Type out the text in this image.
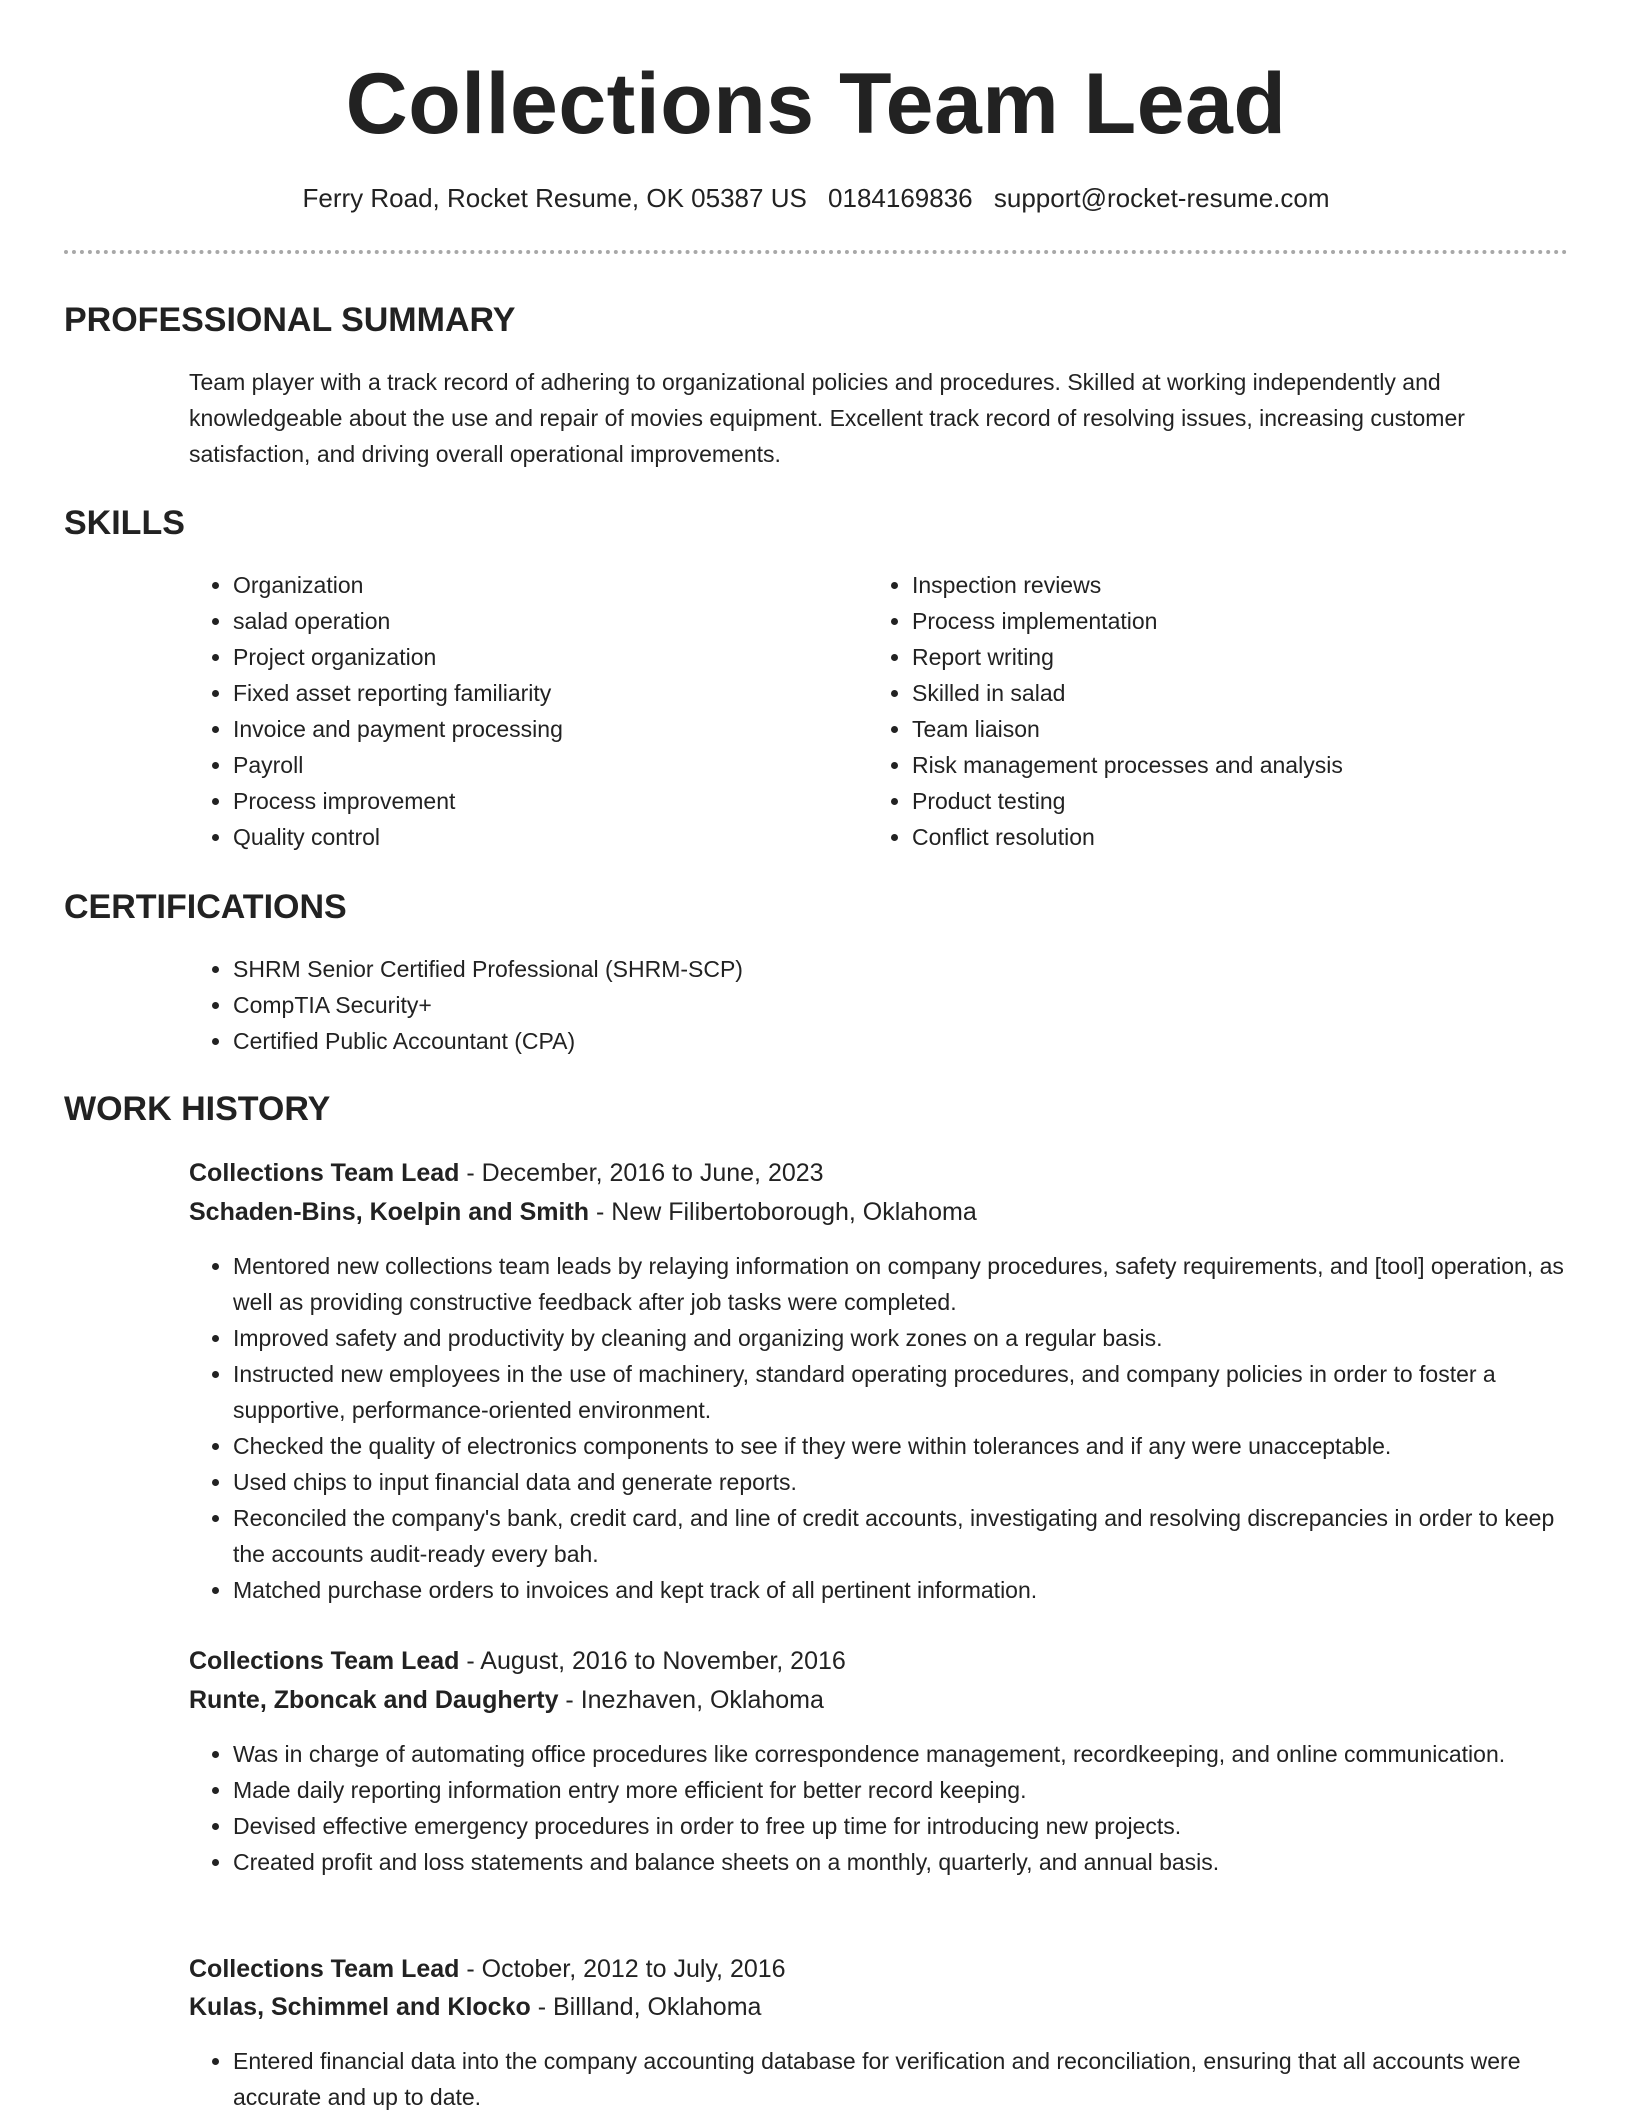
Collections Team Lead
Ferry Road, Rocket Resume, OK 05387 US 0184169836 support@rocket-resume.com
PROFESSIONAL SUMMARY

Team player with a track record of adhering to organizational policies and procedures. Skilled at working independently and knowledgeable about the use and repair of movies equipment. Excellent track record of resolving issues, increasing customer satisfaction, and driving overall operational improvements.

SKILLS
• Organization
• salad operation
• Project organization
• Fixed asset reporting familiarity
• Invoice and payment processing
• Payroll
• Process improvement
• Quality control
• Inspection reviews
• Process implementation
• Report writing
• Skilled in salad
• Team liaison
• Risk management processes and analysis
• Product testing
• Conflict resolution
CERTIFICATIONS
• SHRM Senior Certified Professional (SHRM-SCP)
• CompTIA Security+
• Certified Public Accountant (CPA)
WORK HISTORY
Collections Team Lead - December, 2016 to June, 2023
Schaden-Bins, Koelpin and Smith - New Filibertoborough, Oklahoma
• Mentored new collections team leads by relaying information on company procedures, safety requirements, and [tool] operation, as well as providing constructive feedback after job tasks were completed.
• Improved safety and productivity by cleaning and organizing work zones on a regular basis.
• Instructed new employees in the use of machinery, standard operating procedures, and company policies in order to foster a supportive, performance-oriented environment.
• Checked the quality of electronics components to see if they were within tolerances and if any were unacceptable.
• Used chips to input financial data and generate reports.
• Reconciled the company's bank, credit card, and line of credit accounts, investigating and resolving discrepancies in order to keep the accounts audit-ready every bah.
• Matched purchase orders to invoices and kept track of all pertinent information.
Collections Team Lead - August, 2016 to November, 2016
Runte, Zboncak and Daugherty - Inezhaven, Oklahoma
• Was in charge of automating office procedures like correspondence management, recordkeeping, and online communication.
• Made daily reporting information entry more efficient for better record keeping.
• Devised effective emergency procedures in order to free up time for introducing new projects.
• Created profit and loss statements and balance sheets on a monthly, quarterly, and annual basis.
Collections Team Lead - October, 2012 to July, 2016
Kulas, Schimmel and Klocko - Billland, Oklahoma
• Entered financial data into the company accounting database for verification and reconciliation, ensuring that all accounts were accurate and up to date.
